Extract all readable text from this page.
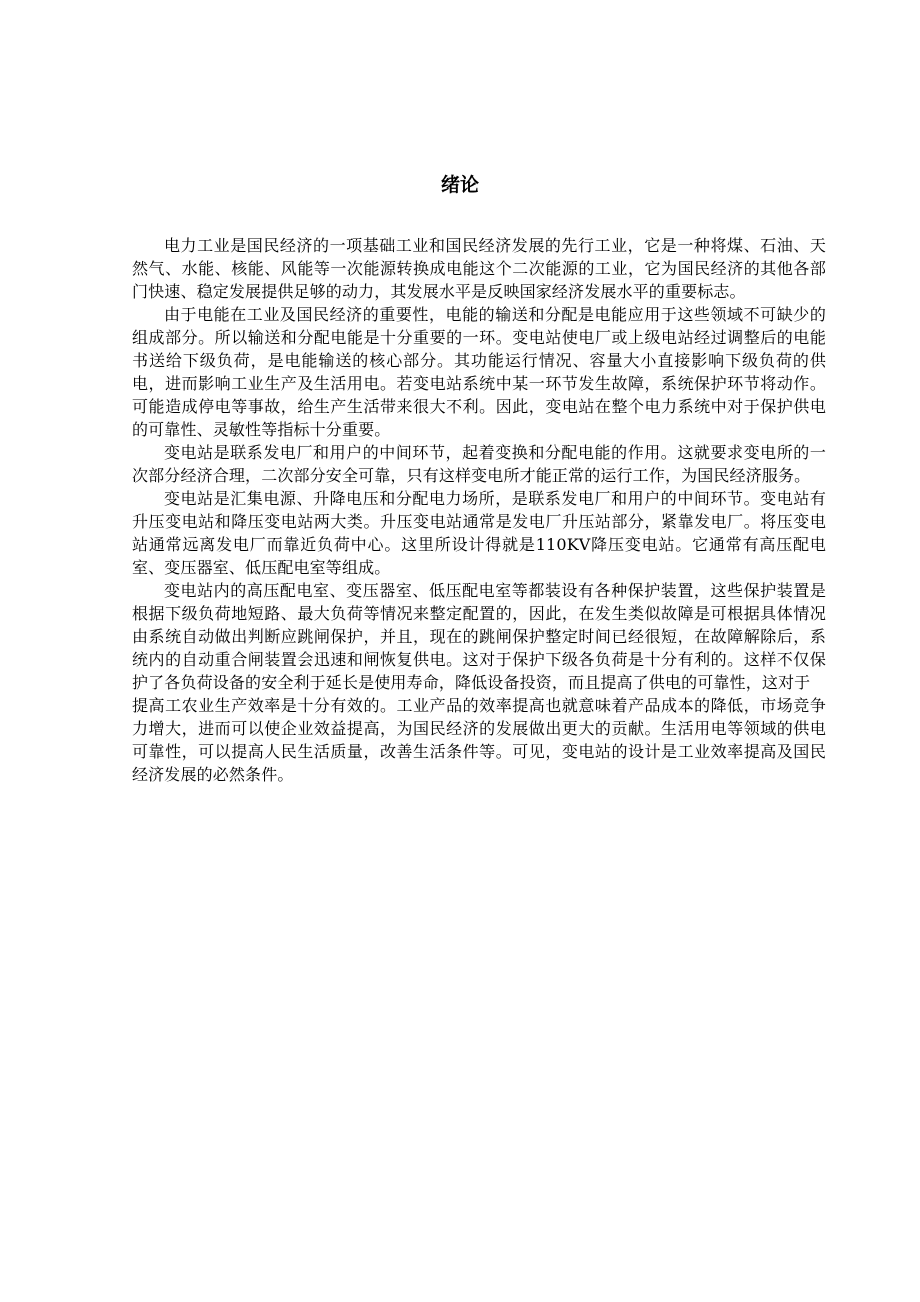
绪论

电力工业是国民经济的一项基础工业和国民经济发展的先行工业，它是一种将煤、石油、天然气、水能、核能、风能等一次能源转换成电能这个二次能源的工业，它为国民经济的其他各部门快速、稳定发展提供足够的动力，其发展水平是反映国家经济发展水平的重要标志。

由于电能在工业及国民经济的重要性，电能的输送和分配是电能应用于这些领域不可缺少的组成部分。所以输送和分配电能是十分重要的一环。变电站使电厂或上级电站经过调整后的电能书送给下级负荷，是电能输送的核心部分。其功能运行情况、容量大小直接影响下级负荷的供电，进而影响工业生产及生活用电。若变电站系统中某一环节发生故障，系统保护环节将动作。可能造成停电等事故，给生产生活带来很大不利。因此，变电站在整个电力系统中对于保护供电的可靠性、灵敏性等指标十分重要。

变电站是联系发电厂和用户的中间环节，起着变换和分配电能的作用。这就要求变电所的一次部分经济合理，二次部分安全可靠，只有这样变电所才能正常的运行工作，为国民经济服务。

变电站是汇集电源、升降电压和分配电力场所，是联系发电厂和用户的中间环节。变电站有升压变电站和降压变电站两大类。升压变电站通常是发电厂升压站部分，紧靠发电厂。将压变电站通常远离发电厂而靠近负荷中心。这里所设计得就是110KV降压变电站。它通常有高压配电室、变压器室、低压配电室等组成。

变电站内的高压配电室、变压器室、低压配电室等都装设有各种保护装置，这些保护装置是根据下级负荷地短路、最大负荷等情况来整定配置的，因此，在发生类似故障是可根据具体情况由系统自动做出判断应跳闸保护，并且，现在的跳闸保护整定时间已经很短，在故障解除后，系统内的自动重合闸装置会迅速和闸恢复供电。这对于保护下级各负荷是十分有利的。这样不仅保护了各负荷设备的安全利于延长是使用寿命，降低设备投资，而且提高了供电的可靠性，这对于

提高工农业生产效率是十分有效的。工业产品的效率提高也就意味着产品成本的降低，市场竞争力增大，进而可以使企业效益提高，为国民经济的发展做出更大的贡献。生活用电等领域的供电可靠性，可以提高人民生活质量，改善生活条件等。可见，变电站的设计是工业效率提高及国民经济发展的必然条件。
